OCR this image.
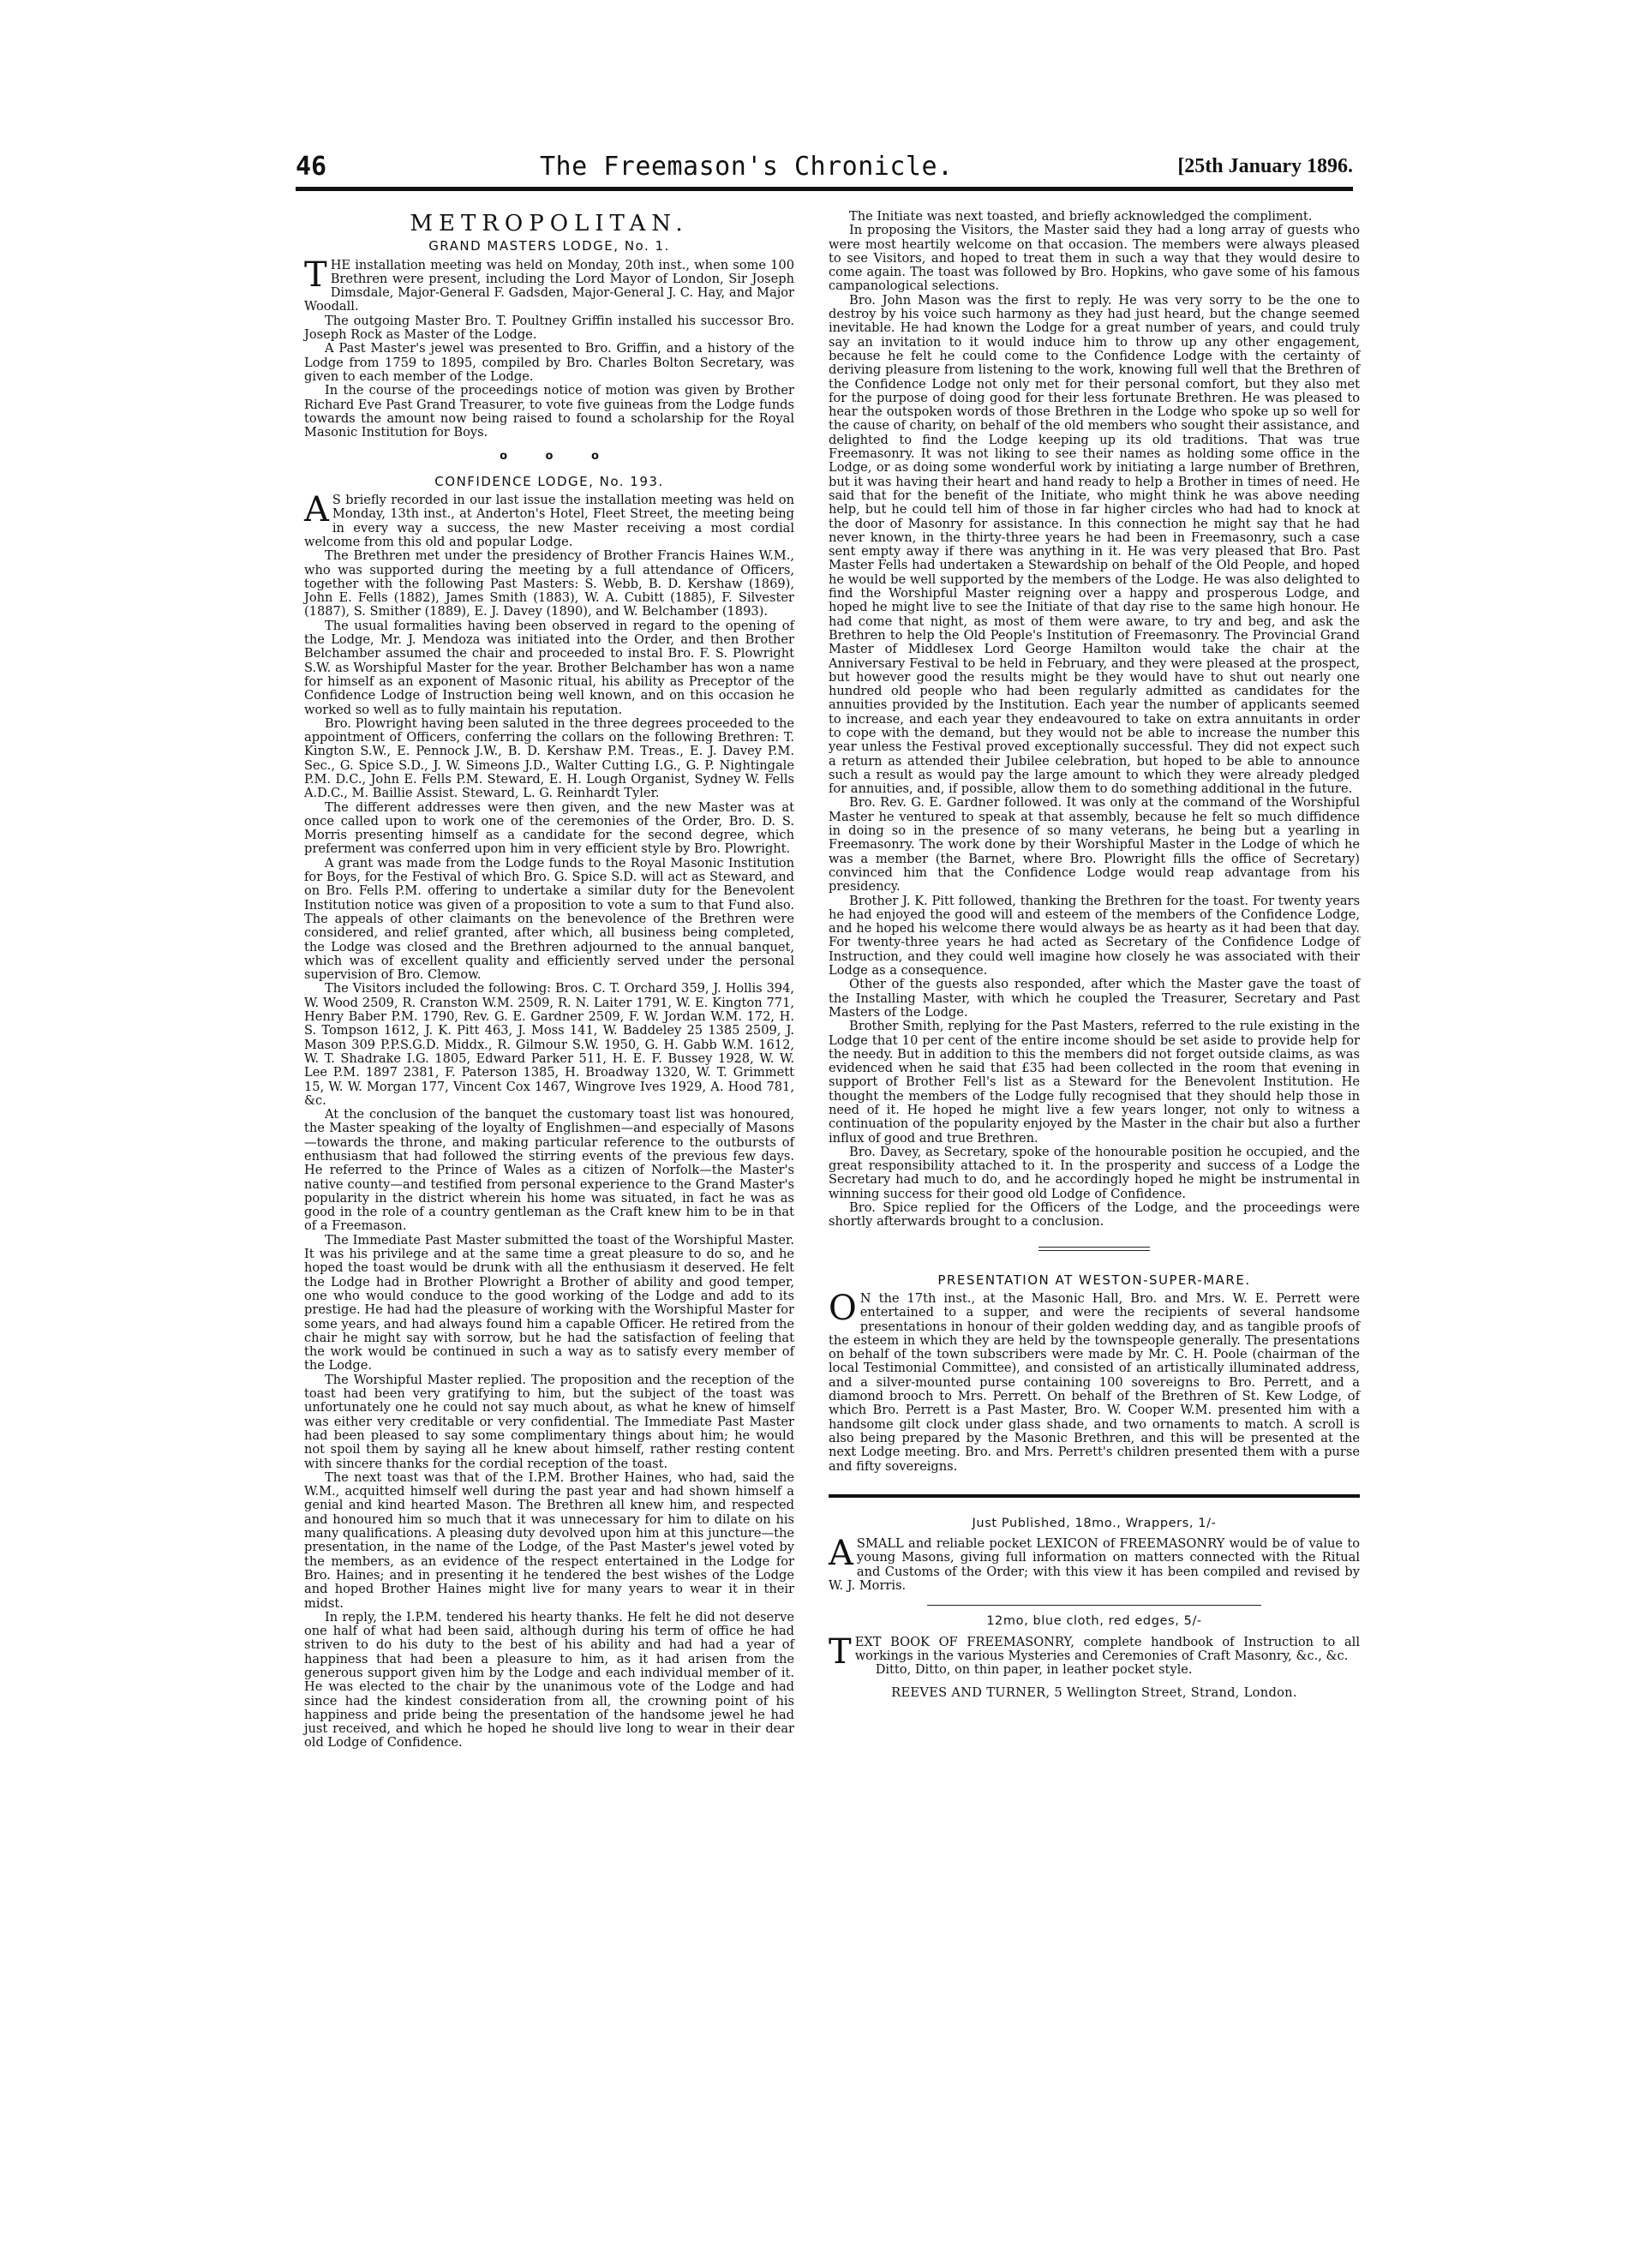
46	The Freemason's Chronicle.	[25th January 1896.
METROPOLITAN.
GRAND MASTERS LODGE, No. 1.

THE installation meeting was held on Monday, 20th inst., when some 100 Brethren were present, including the Lord Mayor of London, Sir Joseph Dimsdale, Major-General F. Gadsden, Major-General J. C. Hay, and Major Woodall.

The outgoing Master Bro. T. Poultney Griffin installed his successor Bro. Joseph Rock as Master of the Lodge.

A Past Master's jewel was presented to Bro. Griffin, and a history of the Lodge from 1759 to 1895, compiled by Bro. Charles Bolton Secretary, was given to each member of the Lodge.

In the course of the proceedings notice of motion was given by Brother Richard Eve Past Grand Treasurer, to vote five guineas from the Lodge funds towards the amount now being raised to found a scholarship for the Royal Masonic Institution for Boys.

o o o
CONFIDENCE LODGE, No. 193.

A S briefly recorded in our last issue the installation meeting was held on Monday, 13th inst., at Anderton's Hotel, Fleet Street, the meeting being in every way a success, the new Master receiving a most cordial welcome from this old and popular Lodge.

The Brethren met under the presidency of Brother Francis Haines W.M., who was supported during the meeting by a full attendance of Officers, together with the following Past Masters: S. Webb, B. D. Kershaw (1869), John E. Fells (1882), James Smith (1883), W. A. Cubitt (1885), F. Silvester (1887), S. Smither (1889), E. J. Davey (1890), and W. Belchamber (1893).

The usual formalities having been observed in regard to the opening of the Lodge, Mr. J. Mendoza was initiated into the Order, and then Brother Belchamber assumed the chair and proceeded to instal Bro. F. S. Plowright S.W. as Worshipful Master for the year. Brother Belchamber has won a name for himself as an exponent of Masonic ritual, his ability as Preceptor of the Confidence Lodge of Instruction being well known, and on this occasion he worked so well as to fully maintain his reputation.

Bro. Plowright having been saluted in the three degrees proceeded to the appointment of Officers, conferring the collars on the following Brethren: T. Kington S.W., E. Pennock J.W., B. D. Kershaw P.M. Treas., E. J. Davey P.M. Sec., G. Spice S.D., J. W. Simeons J.D., Walter Cutting I.G., G. P. Nightingale P.M. D.C., John E. Fells P.M. Steward, E. H. Lough Organist, Sydney W. Fells A.D.C., M. Baillie Assist. Steward, L. G. Reinhardt Tyler.

The different addresses were then given, and the new Master was at once called upon to work one of the ceremonies of the Order, Bro. D. S. Morris presenting himself as a candidate for the second degree, which preferment was conferred upon him in very efficient style by Bro. Plowright.

A grant was made from the Lodge funds to the Royal Masonic Institution for Boys, for the Festival of which Bro. G. Spice S.D. will act as Steward, and on Bro. Fells P.M. offering to undertake a similar duty for the Benevolent Institution notice was given of a proposition to vote a sum to that Fund also. The appeals of other claimants on the benevolence of the Brethren were considered, and relief granted, after which, all business being completed, the Lodge was closed and the Brethren adjourned to the annual banquet, which was of excellent quality and efficiently served under the personal supervision of Bro. Clemow.

The Visitors included the following: Bros. C. T. Orchard 359, J. Hollis 394, W. Wood 2509, R. Cranston W.M. 2509, R. N. Laiter 1791, W. E. Kington 771, Henry Baber P.M. 1790, Rev. G. E. Gardner 2509, F. W. Jordan W.M. 172, H. S. Tompson 1612, J. K. Pitt 463, J. Moss 141, W. Baddeley 25 1385 2509, J. Mason 309 P.P.S.G.D. Middx., R. Gilmour S.W. 1950, G. H. Gabb W.M. 1612, W. T. Shadrake I.G. 1805, Edward Parker 511, H. E. F. Bussey 1928, W. W. Lee P.M. 1897 2381, F. Paterson 1385, H. Broadway 1320, W. T. Grimmett 15, W. W. Morgan 177, Vincent Cox 1467, Wingrove Ives 1929, A. Hood 781, &c.

At the conclusion of the banquet the customary toast list was honoured, the Master speaking of the loyalty of Englishmen—and especially of Masons—towards the throne, and making particular reference to the outbursts of enthusiasm that had followed the stirring events of the previous few days. He referred to the Prince of Wales as a citizen of Norfolk—the Master's native county—and testified from personal experience to the Grand Master's popularity in the district wherein his home was situated, in fact he was as good in the role of a country gentleman as the Craft knew him to be in that of a Freemason.

The Immediate Past Master submitted the toast of the Worshipful Master. It was his privilege and at the same time a great pleasure to do so, and he hoped the toast would be drunk with all the enthusiasm it deserved. He felt the Lodge had in Brother Plowright a Brother of ability and good temper, one who would conduce to the good working of the Lodge and add to its prestige. He had had the pleasure of working with the Worshipful Master for some years, and had always found him a capable Officer. He retired from the chair he might say with sorrow, but he had the satisfaction of feeling that the work would be continued in such a way as to satisfy every member of the Lodge.

The Worshipful Master replied. The proposition and the reception of the toast had been very gratifying to him, but the subject of the toast was unfortunately one he could not say much about, as what he knew of himself was either very creditable or very confidential. The Immediate Past Master had been pleased to say some complimentary things about him; he would not spoil them by saying all he knew about himself, rather resting content with sincere thanks for the cordial reception of the toast.

The next toast was that of the I.P.M. Brother Haines, who had, said the W.M., acquitted himself well during the past year and had shown himself a genial and kind hearted Mason. The Brethren all knew him, and respected and honoured him so much that it was unnecessary for him to dilate on his many qualifications. A pleasing duty devolved upon him at this juncture—the presentation, in the name of the Lodge, of the Past Master's jewel voted by the members, as an evidence of the respect entertained in the Lodge for Bro. Haines; and in presenting it he tendered the best wishes of the Lodge and hoped Brother Haines might live for many years to wear it in their midst.

In reply, the I.P.M. tendered his hearty thanks. He felt he did not deserve one half of what had been said, although during his term of office he had striven to do his duty to the best of his ability and had had a year of happiness that had been a pleasure to him, as it had arisen from the generous support given him by the Lodge and each individual member of it. He was elected to the chair by the unanimous vote of the Lodge and had since had the kindest consideration from all, the crowning point of his happiness and pride being the presentation of the handsome jewel he had just received, and which he hoped he should live long to wear in their dear old Lodge of Confidence.

The Initiate was next toasted, and briefly acknowledged the compliment.

In proposing the Visitors, the Master said they had a long array of guests who were most heartily welcome on that occasion. The members were always pleased to see Visitors, and hoped to treat them in such a way that they would desire to come again. The toast was followed by Bro. Hopkins, who gave some of his famous campanological selections.

Bro. John Mason was the first to reply. He was very sorry to be the one to destroy by his voice such harmony as they had just heard, but the change seemed inevitable. He had known the Lodge for a great number of years, and could truly say an invitation to it would induce him to throw up any other engagement, because he felt he could come to the Confidence Lodge with the certainty of deriving pleasure from listening to the work, knowing full well that the Brethren of the Confidence Lodge not only met for their personal comfort, but they also met for the purpose of doing good for their less fortunate Brethren. He was pleased to hear the outspoken words of those Brethren in the Lodge who spoke up so well for the cause of charity, on behalf of the old members who sought their assistance, and delighted to find the Lodge keeping up its old traditions. That was true Freemasonry. It was not liking to see their names as holding some office in the Lodge, or as doing some wonderful work by initiating a large number of Brethren, but it was having their heart and hand ready to help a Brother in times of need. He said that for the benefit of the Initiate, who might think he was above needing help, but he could tell him of those in far higher circles who had had to knock at the door of Masonry for assistance. In this connection he might say that he had never known, in the thirty-three years he had been in Freemasonry, such a case sent empty away if there was anything in it. He was very pleased that Bro. Past Master Fells had undertaken a Stewardship on behalf of the Old People, and hoped he would be well supported by the members of the Lodge. He was also delighted to find the Worshipful Master reigning over a happy and prosperous Lodge, and hoped he might live to see the Initiate of that day rise to the same high honour. He had come that night, as most of them were aware, to try and beg, and ask the Brethren to help the Old People's Institution of Freemasonry. The Provincial Grand Master of Middlesex Lord George Hamilton would take the chair at the Anniversary Festival to be held in February, and they were pleased at the prospect, but however good the results might be they would have to shut out nearly one hundred old people who had been regularly admitted as candidates for the annuities provided by the Institution. Each year the number of applicants seemed to increase, and each year they endeavoured to take on extra annuitants in order to cope with the demand, but they would not be able to increase the number this year unless the Festival proved exceptionally successful. They did not expect such a return as attended their Jubilee celebration, but hoped to be able to announce such a result as would pay the large amount to which they were already pledged for annuities, and, if possible, allow them to do something additional in the future.

Bro. Rev. G. E. Gardner followed. It was only at the command of the Worshipful Master he ventured to speak at that assembly, because he felt so much diffidence in doing so in the presence of so many veterans, he being but a yearling in Freemasonry. The work done by their Worshipful Master in the Lodge of which he was a member (the Barnet, where Bro. Plowright fills the office of Secretary) convinced him that the Confidence Lodge would reap advantage from his presidency.

Brother J. K. Pitt followed, thanking the Brethren for the toast. For twenty years he had enjoyed the good will and esteem of the members of the Confidence Lodge, and he hoped his welcome there would always be as hearty as it had been that day. For twenty-three years he had acted as Secretary of the Confidence Lodge of Instruction, and they could well imagine how closely he was associated with their Lodge as a consequence.

Other of the guests also responded, after which the Master gave the toast of the Installing Master, with which he coupled the Treasurer, Secretary and Past Masters of the Lodge.

Brother Smith, replying for the Past Masters, referred to the rule existing in the Lodge that 10 per cent of the entire income should be set aside to provide help for the needy. But in addition to this the members did not forget outside claims, as was evidenced when he said that £35 had been collected in the room that evening in support of Brother Fell's list as a Steward for the Benevolent Institution. He thought the members of the Lodge fully recognised that they should help those in need of it. He hoped he might live a few years longer, not only to witness a continuation of the popularity enjoyed by the Master in the chair but also a further influx of good and true Brethren.

Bro. Davey, as Secretary, spoke of the honourable position he occupied, and the great responsibility attached to it. In the prosperity and success of a Lodge the Secretary had much to do, and he accordingly hoped he might be instrumental in winning success for their good old Lodge of Confidence.

Bro. Spice replied for the Officers of the Lodge, and the proceedings were shortly afterwards brought to a conclusion.

PRESENTATION AT WESTON-SUPER-MARE.

O N the 17th inst., at the Masonic Hall, Bro. and Mrs. W. E. Perrett were entertained to a supper, and were the recipients of several handsome presentations in honour of their golden wedding day, and as tangible proofs of the esteem in which they are held by the townspeople generally. The presentations on behalf of the town subscribers were made by Mr. C. H. Poole (chairman of the local Testimonial Committee), and consisted of an artistically illuminated address, and a silver-mounted purse containing 100 sovereigns to Bro. Perrett, and a diamond brooch to Mrs. Perrett. On behalf of the Brethren of St. Kew Lodge, of which Bro. Perrett is a Past Master, Bro. W. Cooper W.M. presented him with a handsome gilt clock under glass shade, and two ornaments to match. A scroll is also being prepared by the Masonic Brethren, and this will be presented at the next Lodge meeting. Bro. and Mrs. Perrett's children presented them with a purse and fifty sovereigns.

Just Published, 18mo., Wrappers, 1/-

ASMALL and reliable pocket LEXICON of FREEMASONRY would be of value to young Masons, giving full information on matters connected with the Ritual and Customs of the Order; with this view it has been compiled and revised by W. J. Morris.

12mo, blue cloth, red edges, 5/-

TEXT BOOK OF FREEMASONRY, complete handbook of Instruction to all workings in the various Mysteries and Ceremonies of Craft Masonry, &c., &c.

Ditto, Ditto, on thin paper, in leather pocket style.

REEVES AND TURNER, 5 Wellington Street, Strand, London.
